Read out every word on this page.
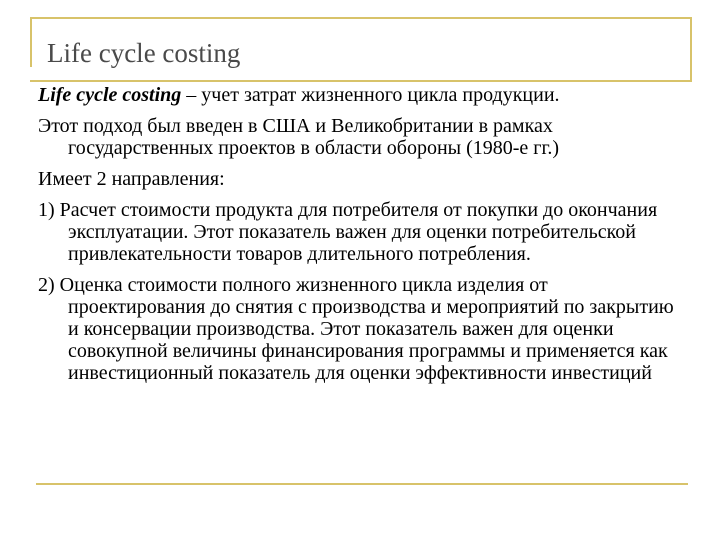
Life cycle costing

Life cycle costing – учет затрат жизненного цикла продукции.

Этот подход был введен в США и Великобритании в рамках государственных проектов в области обороны (1980-е гг.)

Имеет 2 направления:

1) Расчет стоимости продукта для потребителя от покупки до окончания эксплуатации. Этот показатель важен для оценки потребительской привлекательности товаров длительного потребления.

2) Оценка стоимости полного жизненного цикла изделия от проектирования до снятия с производства и мероприятий по закрытию и консервации производства. Этот показатель важен для оценки совокупной величины финансирования программы и применяется как инвестиционный показатель для оценки эффективности инвестиций
